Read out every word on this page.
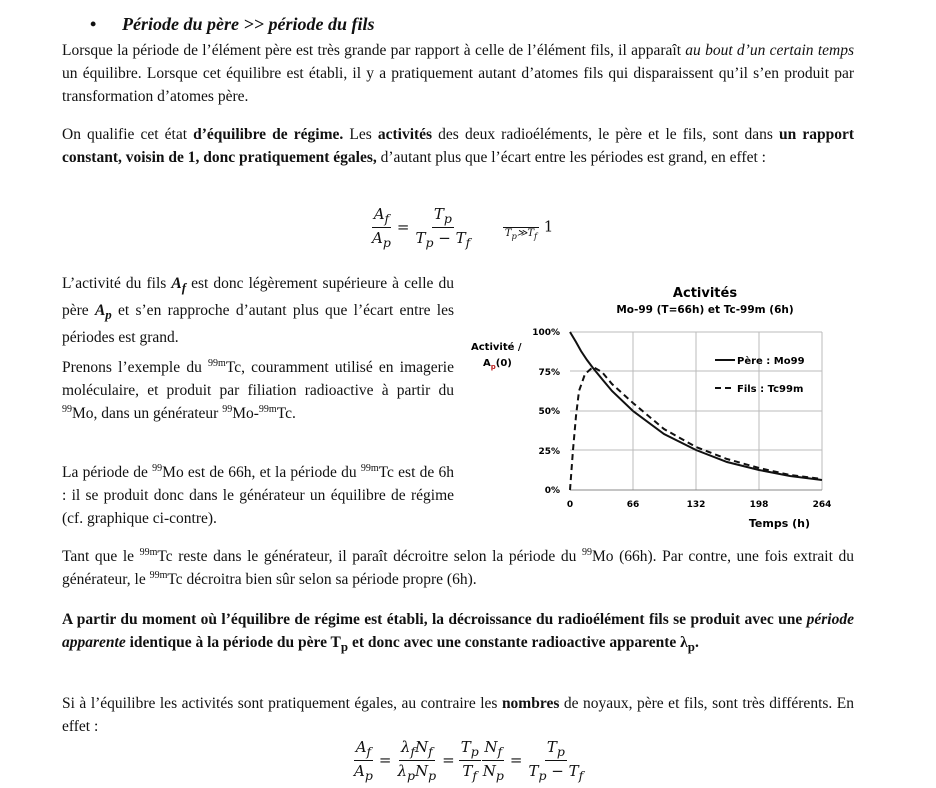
• Période du père >> période du fils
Lorsque la période de l’élément père est très grande par rapport à celle de l’élément fils, il apparaît au bout d’un certain temps un équilibre. Lorsque cet équilibre est établi, il y a pratiquement autant d’atomes fils qui disparaissent qu’il s’en produit par transformation d’atomes père.
On qualifie cet état d’équilibre de régime. Les activités des deux radioéléments, le père et le fils, sont dans un rapport constant, voisin de 1, donc pratiquement égales, d’autant plus que l’écart entre les périodes est grand, en effet :
$\frac{A_f}{A_p} = \frac{T_p}{T_p - T_f}$
	$T_p≫T_f$ 1
L’activité du fils $A_f$ est donc légèrement supérieure à celle du père $A_p$ et s’en rapproche d’autant plus que l’écart entre les périodes est grand.
Prenons l’exemple du $^{99m}$Tc, couramment utilisé en imagerie moléculaire, et produit par filiation radioactive à partir du $^{99}$Mo, dans un générateur $^{99}$Mo-$^{99m}$Tc.
La période de $^{99}$Mo est de 66h, et la période du $^{99m}$Tc est de 6h : il se produit donc dans le générateur un équilibre de régime (cf. graphique ci-contre).
Activités
Mo-99 (T=66h) et Tc-99m (6h)
Activité /
$A_p(0)$
100%
75%
50%
25%
0%
0	66	132	198	264
Temps (h)
Père : Mo99
Fils : Tc99m
Tant que le $^{99m}$Tc reste dans le générateur, il paraît décroitre selon la période du $^{99}$Mo (66h). Par contre, une fois extrait du générateur, le $^{99m}$Tc décroitra bien sûr selon sa période propre (6h).
A partir du moment où l’équilibre de régime est établi, la décroissance du radioélément fils se produit avec une période apparente identique à la période du père $T_p$ et donc avec une constante radioactive apparente $\lambda_p$.
Si à l’équilibre les activités sont pratiquement égales, au contraire les nombres de noyaux, père et fils, sont très différents. En effet :
$\frac{A_f}{A_p} = \frac{\lambda_fN_f}{\lambda_pN_p} = \frac{T_p}{T_f} \frac{N_f}{N_p} = \frac{T_p}{T_p - T_f}$
